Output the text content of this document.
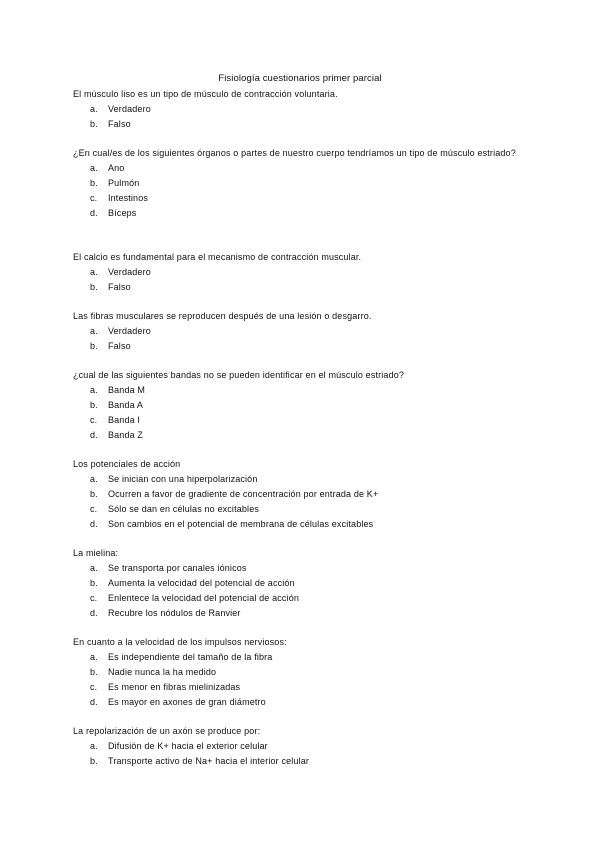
Fisiología cuestionarios primer parcial

El músculo liso es un tipo de músculo de contracción voluntaria.

a.	Verdadero
b.	Falso

¿En cual/es de los siguientes órganos o partes de nuestro cuerpo tendríamos un tipo de músculo estriado?

a.	Ano
b.	Pulmón
c.	Intestinos
d.	Bíceps

El calcio es fundamental para el mecanismo de contracción muscular.

a.	Verdadero
b.	Falso

Las fibras musculares se reproducen después de una lesión o desgarro.

a.	Verdadero
b.	Falso

¿cual de las siguientes bandas no se pueden identificar en el músculo estriado?

a.	Banda M
b.	Banda A
c.	Banda I
d.	Banda Z

Los potenciales de acción

a.	Se inician con una hiperpolarización
b.	Ocurren a favor de gradiente de concentración por entrada de K+
c.	Sólo se dan en células no excitables
d.	Son cambios en el potencial de membrana de células excitables

La mielina:

a.	Se transporta por canales iónicos
b.	Aumenta la velocidad del potencial de acción
c.	Enlentece la velocidad del potencial de acción
d.	Recubre los nódulos de Ranvier

En cuanto a la velocidad de los impulsos nerviosos:

a.	Es independiente del tamaño de la fibra
b.	Nadie nunca la ha medido
c.	Es menor en fibras mielinizadas
d.	Es mayor en axones de gran diámetro

La repolarización de un axón se produce por:

a.	Difusión de K+ hacia el exterior celular
b.	Transporte activo de Na+ hacia el interior celular
